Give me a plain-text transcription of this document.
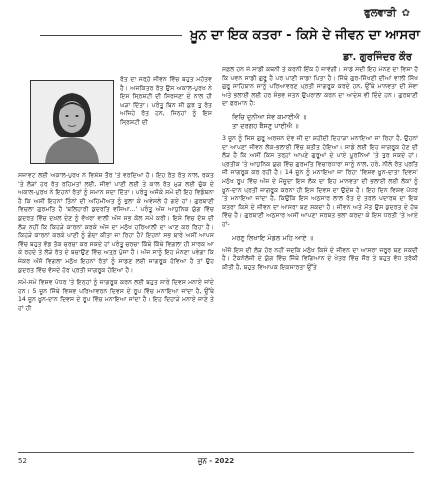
ਫੁਲਵਾੜੀ ✿
ਖ਼ੂਨ ਦਾ ਇਕ ਕਤਰਾ - ਕਿਸੇ ਦੇ ਜੀਵਨ ਦਾ ਆਸਰਾ
ਡਾ. ਗੁਰਜਿੰਦਰ ਕੌਰ

ਰੱਤ ਦਾ ਜਰ੍ਹੋ ਜੀਵਨ ਵਿੱਚ ਬਹੁਤ ਮਹੱਤਵ ਹੈ। ਅਜਕਿਤਰ ਰੱਤ ਉਸ ਅਕਾਲ-ਪੁਰਖ ਨੇ ਇਸ ਸ੍ਰਿਸ਼ਟੀ ਦੀ ਸਿਰਜਣਾ ਦੇ ਨਾਲ ਹੀ ਘੜਾ ਦਿੱਤਾ। ਪਰੰਤੂ ਬਿਨ ਸੀ ਕੁਝ ਤੁ ਰੱਤ ਅਜਿਹੇ ਰੱਤ ਹਨ, ਜਿਨ੍ਹਾਂ ਨੂੰ ਇਸ ਸ੍ਰਿਸ਼ਟੀ ਦੀ

ਸਜਾਵਟ ਲਈ ਅਕਾਲ-ਪੁਰਖ ਨੇ ਵਿਸ਼ੇਸ਼ ਤੌਰ 'ਤੇ ਵਰਦਿਆ ਹੈ। ਇਹ ਰੱਤ ਰੱਤ ਨਾਲ, ਰਕਤ 'ਤੇ ਲੋੜਾਂ ਹਰ ਰੱਤ ਰਹਿਮਤਾਂ ਲਈ, ਜੀਵਾਂ ਪਾਣੀ ਲਈ ਤੇ ਕਾਲ ਰੱਤ ਮੁੜ ਲਈ ਚੁੱਕ ਦੇ ਅਕਾਲ-ਪੁਰਖ ਨੇ ਇਹਨਾਂ ਰੱਤਾਂ ਨੂੰ ਸਮਾਨ ਸਦਾ ਦਿੱਤਾ। ਪਰੰਤੂ ਅਜੋਕੇ ਸਮੇਂ ਦੀ ਇਹ ਵਿਡੰਬਨਾ ਹੈ ਕਿ ਅਸੀਂ ਇਹਨਾਂ ਤਿੰਨਾਂ ਦੀ ਅਹਿਮੀਅਤ ਨੂੰ ਭੁਲਾ ਕੇ ਅਵੇਸਲੇ ਹੋ ਗਏ ਹਾਂ। ਗੁਰਬਾਣੀ ਵਿਚਲਾ ਗੁਰਮਤਿ ਹੈ 'ਬਲਿਹਾਰੀ ਕੁਦਰਤਿ ਵਸਿਆ...' ਪਰੰਤੂ ਅੱਜ ਆਧੁਨਿਕ ਯੁੱਗ ਵਿੱਚ ਕੁਦਰਤ ਵਿੱਚ ਦਖ਼ਲ ਦੇਣ ਨੂੰ ਵੱਖਰਾ ਵਾਲੀ ਅੱਜ ਸਭ ਕੋਲ ਸਮੇਂ ਕਰੀ। ਇਸੇ ਵਿਚ ਦੋਸ਼ ਦੀ ਲੋੜ ਨਹੀਂ ਕਿ ਕਿਹੜੇ ਕਾਰਨਾਂ ਕਰਕੇ ਅੱਜ ਦਾ ਮਨੁੱਖ ਹਰਿਆਲੀ ਦਾ ਘਾਣ ਕਰ ਰਿਹਾ ਹੈ। ਕਿਹੜੇ ਕਾਰਨਾਂ ਕਰਕੇ ਪਾਣੀ ਨੂੰ ਗੰਦਾ ਕੀਤਾ ਜਾ ਰਿਹਾ ਹੈ? ਇਹਨਾਂ ਸਭ ਬਾਰੇ ਅਸੀਂ ਆਪਸ ਵਿੱਚ ਬਹੁਤ ਵੱਡ ਤੱਕ ਚਰਚਾ ਕਰ ਸਕਦੇ ਹਾਂ ਪਰੰਤੂ ਚਰਚਾ ਕਿੱਥੇ ਕਿੱਥੇ ਵਿਗਲਾ ਹੀ ਸਾਰਕ ਆ ਕੇ ਰਹਦੇ ਤੇ ਲੋੜੇ ਰੱਤ ਦੇ ਬਚਾਉਣ ਵਿੱਚ ਅਤ੍ਰ ਪੁੱਜਾ ਹੈ। ਅੱਜ ਸਾਨੂੰ ਇਹ ਮੰਨਣਾ ਪਵੇਗਾ ਕਿ ਜੇਕਰ ਅੱਜੋ ਵਿਗਲਾ ਮਨੁੱਖ ਇਹਨਾਂ ਰੱਤਾਂ ਨੂੰ ਸਾਡਣ ਲਈ ਜਾਗਰੂਕ ਹੋਵਿਆ ਹੈ ਤਾਂ ਉਹ ਕੁਦਰਤ ਵਿੱਚ ਵੱਸਦੇ ਹੋਰ ਪ੍ਰਤੀ ਜਾਗਰੂਕ ਹੋਇਆ ਹੈ।

ਸਮੇਂ-ਸਮੇਂ ਵਿਸ਼ਵ ਪੱਧਰ 'ਤੇ ਇਨ੍ਹਾਂ ਨੂੰ ਜਾਗਰੂਕ ਕਰਨ ਲਈ ਬਹੁਤ ਸਾਰੇ ਦਿਵਸ ਮਨਾਏ ਜਾਂਦੇ ਹਨ। 5 ਜੂਨ ਜਿੱਥੇ ਵਿਸ਼ਵ ਪਰਿਆਵਰਨ ਦਿਵਸ ਦੇ ਰੂਪ ਵਿੱਚ ਮਨਾਇਆ ਜਾਂਦਾ ਹੈ, ਉੱਥੇ 14 ਜੂਨ ਖ਼ੂਨ-ਦਾਨ ਦਿਵਸ ਦੇ ਰੂਪ ਵਿੱਚ ਮਨਾਇਆ ਜਾਂਦਾ ਹੈ। ਇਹ ਦਿਹਾੜੇ ਮਨਾਏ ਜਾਣੇ ਤੇ ਹਾਂ ਹੀ

ਸਫ਼ਲ ਹਨ ਜੇ ਸਾਡੀ ਕਥਨੀ ਤੇ ਕਰਨੀ ਇੱਕ ਹੋ ਜਾਵੇਗੀ। ਸਾਡੇ ਸਦੀ ਇਹ ਮੰਨਣ ਦਾ ਵਿਸ਼ਾ ਹੈ ਕਿ ਪਵਨ ਸਾਡੀ ਗੁਰੂ ਹੈ ਪਰ ਪਾਣੀ ਸਾਡਾ ਪਿਤਾ ਹੈ। ਜਿੱਥੇ ਗੁਰ-ਸਿੱਖਣੀ ਦੀਆਂ ਵਾਲੀ ਸਿੱਖ ਗੁਰੂ ਸਾਹਿਬਾਨ ਸਾਨੂੰ ਪਰਿਆਵਰਣ ਪ੍ਰਤੀ ਜਾਗਰੂਕ ਕਰਦੇ ਹਨ, ਉੱਥੇ ਮਾਨਵਤਾ ਦੀ ਸੇਵਾ ਅਤੇ ਭਲਾਈ ਲਈ ਹਰ ਸੰਭਵ ਜਤਨ ਉਪਰਾਲਾ ਕਰਨ ਦਾ ਆਦੇਸ਼ ਵੀ ਦਿੰਦੇ ਹਨ। ਗੁਰਬਾਣੀ ਦਾ ਫਰਮਾਨ ਹੈ:

ਵਿਚਿ ਦੁਨੀਆ ਸੇਵ ਕਮਾਈਐ ॥
ਤਾ ਦਰਗਹ ਬੈਸਣੁ ਪਾਈਐ ॥

3 ਜੂਨ ਨੂੰ ਜਿਸ ਗੁਰੂ ਅਰਜਨ ਦੇਵ ਜੀ ਦਾ ਸ਼ਹੀਦੀ ਦਿਹਾੜਾ ਮਨਾਇਆ ਜਾ ਰਿਹਾ ਹੈ, ਉਹਨਾਂ ਦਾ ਆਪਣਾ ਜੀਵਨ ਲੋਕ-ਭਲਾਈ ਵਿੱਚ ਬਤੀਤ ਹੋਇਆ। ਸਾਡੇ ਲਈ ਇਹ ਜਾਗਰੂਕ ਹੋਣ ਦੀ ਲੋੜ ਹੈ ਕਿ ਅਸੀਂ ਕਿਸ ਤਰ੍ਹਾਂ ਆਪਣੇ ਗੁਰੂਆਂ ਦੇ ਪਾਏ ਪੂਰਨਿਆਂ 'ਤੇ ਤੁਰ ਸਕਦੇ ਹਾਂ। ਪ੍ਰਤੀਕ 'ਤੇ ਆਧੁਨਿਕ ਯੁਗ ਵਿੱਚ ਗੁਰਮਤਿ ਵਿਚਾਰਧਾਰਾ ਸਾਨੂੰ ਨਾਲ, ਹਰੇ, ਨੀਲੇ ਰੱਤ ਪ੍ਰਤਿ ਜੀ ਜਾਗਰੂਕ ਕਰ ਰਹੀ ਹੈ। 14 ਜੂਨ ਨੂੰ ਮਨਾਇਆ ਜਾ ਰਿਹਾ 'ਵਿਸ਼ਵ ਖ਼ੂਨ-ਦਾਤਾ ਦਿਵਸ' ਮਨੁੱਖ ਰੂਪ ਵਿੱਚ ਅੱਜ ਦੇ ਮੌਜੂਦਾ ਇਸ ਲੋਕ ਦਾ ਇਹ ਮਾਨਵਤਾ ਦੀ ਭਲਾਈ ਲਈ ਲੋਕਾਂ ਨੂੰ ਖ਼ੂਨ-ਦਾਨ ਪ੍ਰਤੀ ਜਾਗਰੂਕ ਕਰਨਾ ਹੀ ਇਸ ਦਿਵਸ ਦਾ ਉਦੇਸ਼ ਹੈ। ਇਹ ਦਿਨ ਵਿਸ਼ਵ ਪੱਧਰ 'ਤੇ ਮਨਾਇਆ ਜਾਂਦਾ ਹੈ, ਕਿਉਂਕਿ ਇਸ ਅਨੁਸਾਰ ਲਾਲ ਰੱਤ ਦੇ ਤਰਲ ਪਦਾਰਥ ਦਾ ਇਕ ਕਤਰਾ ਕਿਸੇ ਦੇ ਜੀਵਨ ਦਾ ਆਸਰਾ ਬਣ ਸਕਦਾ ਹੈ। ਜੀਵਨ ਅਤੇ ਮੌਤ ਉਸ ਕੁਦਰਤ ਦੇ ਹੱਥ ਵਿੱਚ ਹੈ। ਗੁਰਬਾਣੀ ਅਨੁਸਾਰ ਅਸੀਂ ਆਪਣਾ ਸਰਬਤ ਭਲਾ ਕਰਦਾ ਕੇ ਇਸ ਧਰਤੀ 'ਤੇ ਆਏ ਹਾਂ-

ਮਰਣੁ ਲਿਖਾਇ ਮੰਡਲ ਮਹਿ ਆਏ ॥

ਅੱਜੋ ਇਸ ਦੀ ਲੋੜ ਹੋਰ ਨਹੀਂ ਜਦਕਿ ਮਨੁੱਖ ਕਿਸੇ ਦੇ ਜੀਵਨ ਦਾ ਆਸਰਾ ਜਰੂਰ ਬਣ ਸਕਦੀ ਹੈ। ਟੈਕਨੋਲੋਜੀ ਦੇ ਯੁੱਗ ਵਿੱਚ ਜਿੱਥੇ ਵਿਗਿਆਨ ਦੇ ਖੇਤਰ ਵਿੱਚ ਸੌਰ ਤੇ ਬਹੁਤ ਵੱਧ ਤਰੱਕੀ ਕੀਤੀ ਹੈ, ਬਹੁਤ ਵਿਆਪਕ ਇਕਸਾਰਤਾ ਉੱਤੇ

52	ਜੂਨ - 2022
